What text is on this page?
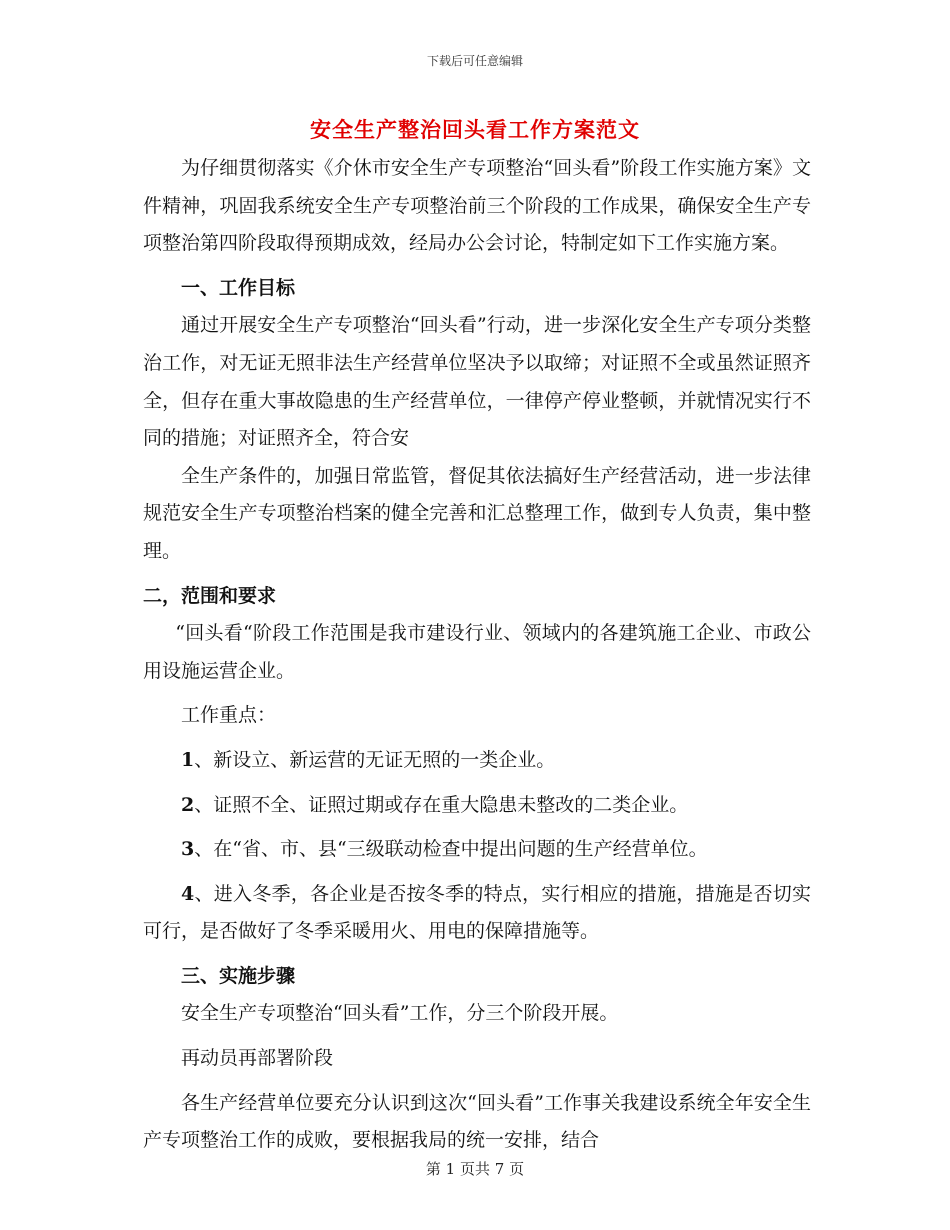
下载后可任意编辑
安全生产整治回头看工作方案范文

为仔细贯彻落实《介休市安全生产专项整治“回头看”阶段工作实施方案》文件精神，巩固我系统安全生产专项整治前三个阶段的工作成果，确保安全生产专项整治第四阶段取得预期成效，经局办公会讨论，特制定如下工作实施方案。

一、工作目标

通过开展安全生产专项整治“回头看”行动，进一步深化安全生产专项分类整治工作，对无证无照非法生产经营单位坚决予以取缔；对证照不全或虽然证照齐全，但存在重大事故隐患的生产经营单位，一律停产停业整顿，并就情况实行不同的措施；对证照齐全，符合安

全生产条件的，加强日常监管，督促其依法搞好生产经营活动，进一步法律规范安全生产专项整治档案的健全完善和汇总整理工作，做到专人负责，集中整理。

二，范围和要求

“回头看“阶段工作范围是我市建设行业、领域内的各建筑施工企业、市政公用设施运营企业。

工作重点：

1、新设立、新运营的无证无照的一类企业。

2、证照不全、证照过期或存在重大隐患未整改的二类企业。

3、在“省、市、县“三级联动检查中提出问题的生产经营单位。

4、进入冬季，各企业是否按冬季的特点，实行相应的措施，措施是否切实可行，是否做好了冬季采暖用火、用电的保障措施等。

三、实施步骤

安全生产专项整治“回头看”工作，分三个阶段开展。

再动员再部署阶段

各生产经营单位要充分认识到这次“回头看”工作事关我建设系统全年安全生产专项整治工作的成败，要根据我局的统一安排，结合

第 1 页共 7 页
